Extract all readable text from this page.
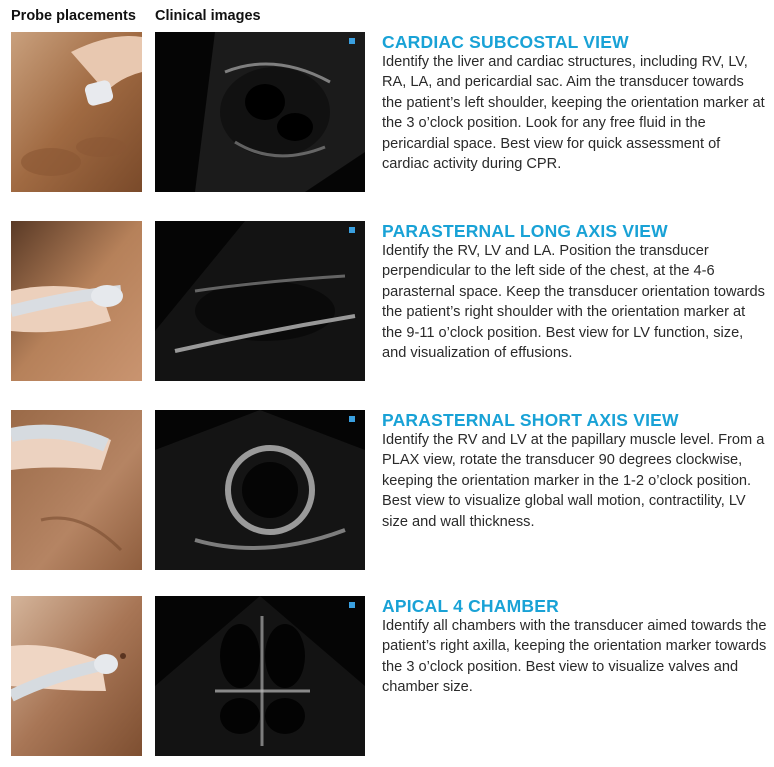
Probe placements Clinical images
CARDIAC SUBCOSTAL VIEW
Identify the liver and cardiac structures, including RV, LV, RA, LA, and pericardial sac. Aim the transducer towards the patient’s left shoulder, keeping the orientation marker at the 3 o’clock position. Look for any free fluid in the pericardial space. Best view for quick assessment of cardiac activity during CPR.
PARASTERNAL LONG AXIS VIEW
Identify the RV, LV and LA. Position the transducer perpendicular to the left side of the chest, at the 4-6 parasternal space. Keep the transducer orientation towards the patient’s right shoulder with the orientation marker at the 9-11 o’clock position. Best view for LV function, size, and visualization of effusions.
PARASTERNAL SHORT AXIS VIEW
Identify the RV and LV at the papillary muscle level. From a PLAX view, rotate the transducer 90 degrees clockwise, keeping the orientation marker in the 1-2 o’clock position. Best view to visualize global wall motion, contractility, LV size and wall thickness.
APICAL 4 CHAMBER
Identify all chambers with the transducer aimed towards the patient’s right axilla, keeping the orientation marker towards the 3 o’clock position. Best view to visualize valves and chamber size.
